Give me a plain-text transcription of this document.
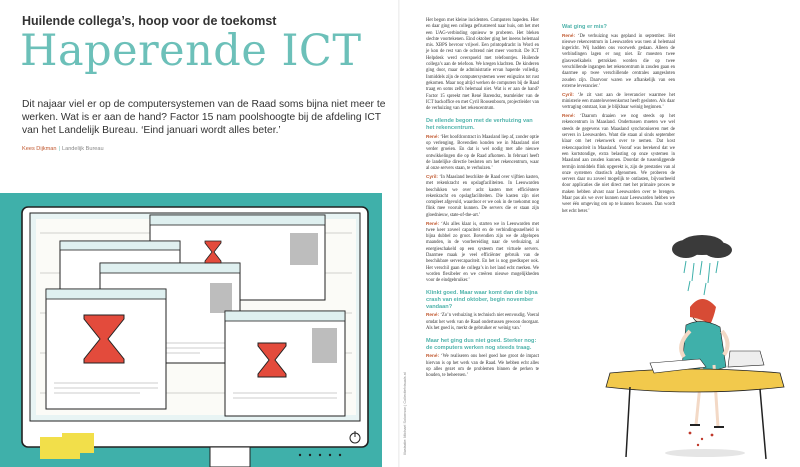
Huilende collega’s, hoop voor de toekomst
Haperende ICT
Dit najaar viel er op de computersystemen van de Raad soms bijna niet meer te werken. Wat is er aan de hand? Factor 15 nam poolshoogte bij de afdeling ICT van het Landelijk Bureau. ‘Eind januari wordt alles beter.’
Kees Dijkman | Landelijk Bureau
Illustratie: Michael Solomson | Collectiefvisuals.nl

Het begon met kleine incidenten. Computers hapeden. Hier en daar ging een collega gefrustreerd naar huis, om het met een UAG-verbinding opnieuw te proberen. Het bleken slechte voortekenen. Eind oktober ging het ineens helemaal mis. XBPS bevroor vrijwel. Een printopdracht in Word en je kon de rest van de ochtend niet meer voortuit. De ICT Helpdesk werd overspoeld met telefoontjes. Huilende collega’s aan de telefoon. We kregen klachten. De kinderen ging door, maar de administratie ervan haperde volledig. Inmiddels zijn de computersystemen weer enigszins tot rust gekomen. Maar nog altijd werken de computers bij de Raad traag en soms zelfs helemaal niet. Wat is er aan de hand? Factor 15 spreekt met René Barendsz, teamleider van de ICT backoffice en met Cyril Roosenboom, projectleider van de verhuizing van het rekencentrum.

De ellende begon met de verhuizing van het rekencentrum.

René: ‘Het hoofdcontract in Maasland liep af, zonder optie op verlenging. Bovendien konden we in Maasland niet verder groeien. En dat is wel nodig met alle nieuwe ontwikkelingen die op de Raad afkomen. In februari heeft de landelijke directie besloten om het rekencentrum, waar al onze servers staan, te verhuizen.’

Cyril: ‘In Maasland beschikte de Raad over vijftien kasten, met rekenkracht en opslagfaciliteiten. In Leeuwarden beschikken we over acht kasten met efficiëntere rekenkracht en opslagfaciliteiten. Die kasten zijn niet compleet afgevuld, waardoor er we ook in de toekomst nog flink mee vooruit kunnen. De servers die er staan zijn gloednieuw, state-of-the-art.’

René: ‘Als alles klaar is, starten we in Leeuwarden met twee keer zoveel capaciteit en de verbindingssnelheid is bijna dubbel zo groot. Bovendien zijn we de afgelopen maanden, in de voorbereiding naar de verhuizing, al energieschakeld op een systeem met virtuele servers. Daarmee maak je veel efficiënter gebruik van de beschikbare servercapaciteit. En het is nog goedkoper ook. Het verschil gaan de collega’s in het land echt merken. We worden flexibeler en we creëren nieuwe mogelijkheden voor de eindgebruiker.’

Klinkt goed. Maar waar komt dan die bijna crash van eind oktober, begin november vandaan?

René: ‘Zo’n verhuizing is technisch niet eenvoudig. Voeral omdat het werk van de Raad ondertussen gewoon doorgaat. Als het goed is, merkt de gebruiker er weinig van.’

Maar het ging dus niet goed. Sterker nog: de computers werken nog steeds traag.

René: ‘We realiseren ons heel goed hoe groot de impact hiervan is op het werk van de Raad. We hebben echt alles op alles gezet om de problemen binnen de perken te houden, te beheersen.’

Wat ging er mis?

René: ‘De verhuizing was gepland in september. Het nieuwe rekencentrum in Leeuwarden was toen al helemaal ingericht. Wij hadden ons voorwerk gedaan. Alleen de verbindingen lagen er nog niet. Er moesten twee glasvezelkabels getrokken worden die op twee verschillende ingangen het rekencentrum in zouden gaan en daarmee op twee verschillende centrales aangesloten zouden zijn. Daarvoor waren we afhankelijk van een externe leverancier.’

Cyril: ‘Je zit vast aan de leverancier waarmee het ministerie een mantelovereenkomst heeft gesloten. Als daar vertraging ontstaat, kun je blijkbaar weinig beginnen.’

René: ‘Daarom draaien we nog steeds op het rekencentrum in Maasland. Ondertussen moeten we wel steeds de gegevens van Maasland synchroniseren met de servers in Leeuwarden. Want die staan al sinds september klaar om het rekenwerk over te nemen. Dat kost rekencapaciteit in Maasland. Vooraf was berekend dat we een kortstondige, extra belasting op onze systemen in Maasland aan zouden kunnen. Doordat de tussenliggende termijn inmiddels flink opgerekt is, zijn de prestaties van al onze systemen drastisch afgenomen. We proberen de servers daar nu zoveel mogelijk te ontlasten, bijvoorbeeld door applicaties die niet direct met het primaire proces te maken hebben alvast naar Leeuwarden over te brengen. Maar pas als we over kunnen naar Leeuwarden hebben we weer één omgeving om op te kunnen focussen. Dan wordt het echt beter.’
